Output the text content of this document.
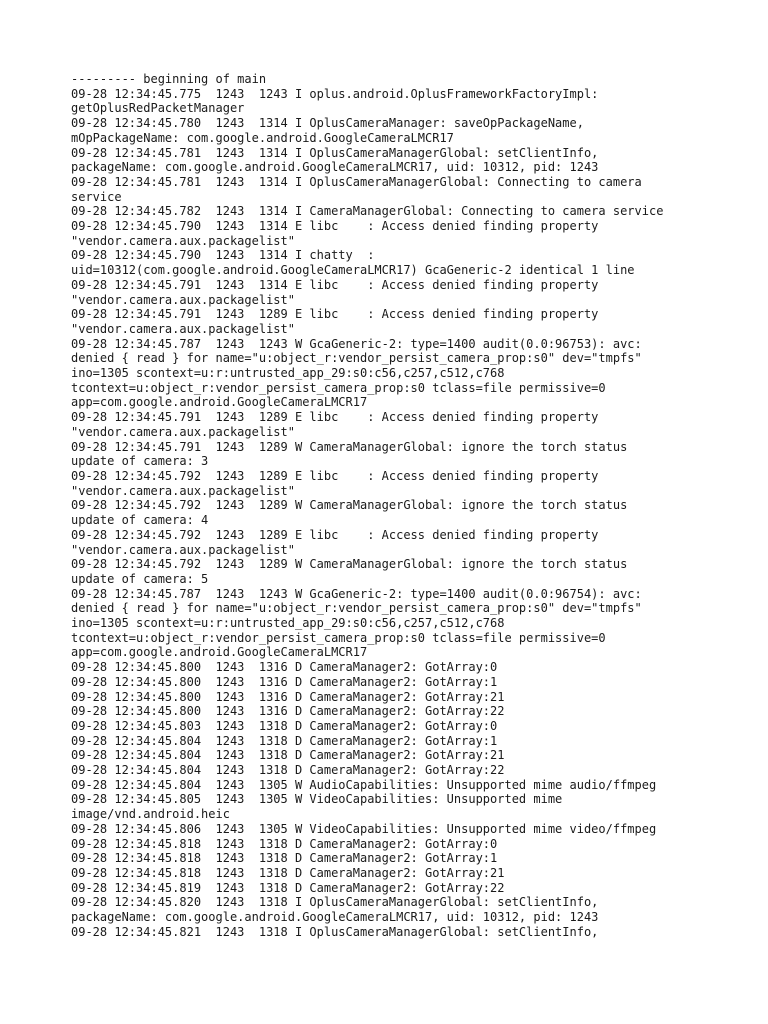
--------- beginning of main
09-28 12:34:45.775  1243  1243 I oplus.android.OplusFrameworkFactoryImpl:
getOplusRedPacketManager
09-28 12:34:45.780  1243  1314 I OplusCameraManager: saveOpPackageName,
mOpPackageName: com.google.android.GoogleCameraLMCR17
09-28 12:34:45.781  1243  1314 I OplusCameraManagerGlobal: setClientInfo,
packageName: com.google.android.GoogleCameraLMCR17, uid: 10312, pid: 1243
09-28 12:34:45.781  1243  1314 I OplusCameraManagerGlobal: Connecting to camera
service
09-28 12:34:45.782  1243  1314 I CameraManagerGlobal: Connecting to camera service
09-28 12:34:45.790  1243  1314 E libc    : Access denied finding property
"vendor.camera.aux.packagelist"
09-28 12:34:45.790  1243  1314 I chatty  :
uid=10312(com.google.android.GoogleCameraLMCR17) GcaGeneric-2 identical 1 line
09-28 12:34:45.791  1243  1314 E libc    : Access denied finding property
"vendor.camera.aux.packagelist"
09-28 12:34:45.791  1243  1289 E libc    : Access denied finding property
"vendor.camera.aux.packagelist"
09-28 12:34:45.787  1243  1243 W GcaGeneric-2: type=1400 audit(0.0:96753): avc:
denied { read } for name="u:object_r:vendor_persist_camera_prop:s0" dev="tmpfs"
ino=1305 scontext=u:r:untrusted_app_29:s0:c56,c257,c512,c768
tcontext=u:object_r:vendor_persist_camera_prop:s0 tclass=file permissive=0
app=com.google.android.GoogleCameraLMCR17
09-28 12:34:45.791  1243  1289 E libc    : Access denied finding property
"vendor.camera.aux.packagelist"
09-28 12:34:45.791  1243  1289 W CameraManagerGlobal: ignore the torch status
update of camera: 3
09-28 12:34:45.792  1243  1289 E libc    : Access denied finding property
"vendor.camera.aux.packagelist"
09-28 12:34:45.792  1243  1289 W CameraManagerGlobal: ignore the torch status
update of camera: 4
09-28 12:34:45.792  1243  1289 E libc    : Access denied finding property
"vendor.camera.aux.packagelist"
09-28 12:34:45.792  1243  1289 W CameraManagerGlobal: ignore the torch status
update of camera: 5
09-28 12:34:45.787  1243  1243 W GcaGeneric-2: type=1400 audit(0.0:96754): avc:
denied { read } for name="u:object_r:vendor_persist_camera_prop:s0" dev="tmpfs"
ino=1305 scontext=u:r:untrusted_app_29:s0:c56,c257,c512,c768
tcontext=u:object_r:vendor_persist_camera_prop:s0 tclass=file permissive=0
app=com.google.android.GoogleCameraLMCR17
09-28 12:34:45.800  1243  1316 D CameraManager2: GotArray:0
09-28 12:34:45.800  1243  1316 D CameraManager2: GotArray:1
09-28 12:34:45.800  1243  1316 D CameraManager2: GotArray:21
09-28 12:34:45.800  1243  1316 D CameraManager2: GotArray:22
09-28 12:34:45.803  1243  1318 D CameraManager2: GotArray:0
09-28 12:34:45.804  1243  1318 D CameraManager2: GotArray:1
09-28 12:34:45.804  1243  1318 D CameraManager2: GotArray:21
09-28 12:34:45.804  1243  1318 D CameraManager2: GotArray:22
09-28 12:34:45.804  1243  1305 W AudioCapabilities: Unsupported mime audio/ffmpeg
09-28 12:34:45.805  1243  1305 W VideoCapabilities: Unsupported mime
image/vnd.android.heic
09-28 12:34:45.806  1243  1305 W VideoCapabilities: Unsupported mime video/ffmpeg
09-28 12:34:45.818  1243  1318 D CameraManager2: GotArray:0
09-28 12:34:45.818  1243  1318 D CameraManager2: GotArray:1
09-28 12:34:45.818  1243  1318 D CameraManager2: GotArray:21
09-28 12:34:45.819  1243  1318 D CameraManager2: GotArray:22
09-28 12:34:45.820  1243  1318 I OplusCameraManagerGlobal: setClientInfo,
packageName: com.google.android.GoogleCameraLMCR17, uid: 10312, pid: 1243
09-28 12:34:45.821  1243  1318 I OplusCameraManagerGlobal: setClientInfo,
